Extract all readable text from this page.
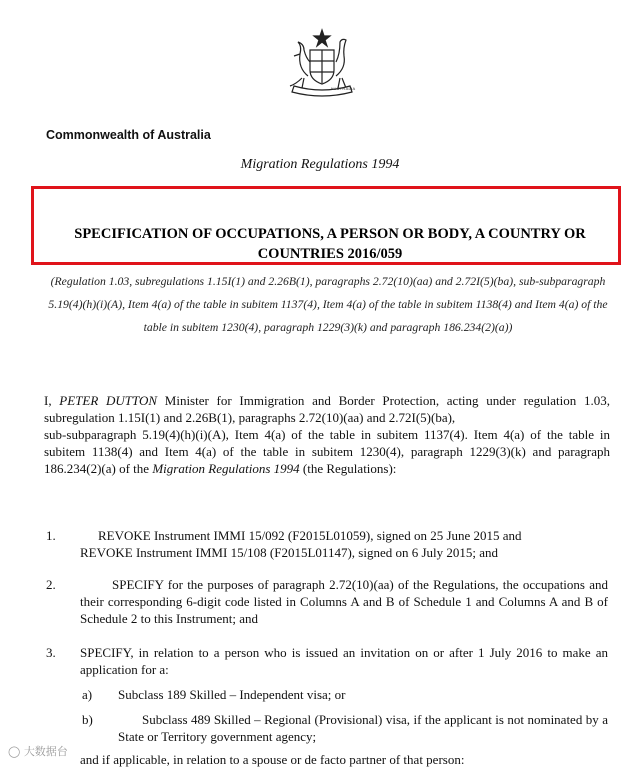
AUSTRALIA
Commonwealth of Australia
Migration Regulations 1994
SPECIFICATION OF OCCUPATIONS, A PERSON OR BODY, A COUNTRY OR COUNTRIES 2016/059
(Regulation 1.03, subregulations 1.15I(1) and 2.26B(1), paragraphs 2.72(10)(aa) and 2.72I(5)(ba), sub-subparagraph 5.19(4)(h)(i)(A), Item 4(a) of the table in subitem 1137(4), Item 4(a) of the table in subitem 1138(4) and Item 4(a) of the table in subitem 1230(4), paragraph 1229(3)(k) and paragraph 186.234(2)(a))
I, PETER DUTTON Minister for Immigration and Border Protection, acting under regulation 1.03, subregulation 1.15I(1) and 2.26B(1), paragraphs 2.72(10)(aa) and 2.72I(5)(ba),
sub-subparagraph 5.19(4)(h)(i)(A), Item 4(a) of the table in subitem 1137(4). Item 4(a) of the table in subitem 1138(4) and Item 4(a) of the table in subitem 1230(4), paragraph 1229(3)(k) and paragraph 186.234(2)(a) of the Migration Regulations 1994 (the Regulations):
1.	REVOKE Instrument IMMI 15/092 (F2015L01059), signed on 25 June 2015 and
REVOKE Instrument IMMI 15/108 (F2015L01147), signed on 6 July 2015; and
2.	SPECIFY for the purposes of paragraph 2.72(10)(aa) of the Regulations, the occupations and their corresponding 6-digit code listed in Columns A and B of Schedule 1 and Columns A and B of Schedule 2 to this Instrument; and
3. SPECIFY, in relation to a person who is issued an invitation on or after 1 July 2016 to make an application for a:
a) Subclass 189 Skilled – Independent visa; or
b)	Subclass 489 Skilled – Regional (Provisional) visa, if the applicant is not nominated by a State or Territory government agency;
and if applicable, in relation to a spouse or de facto partner of that person:
◯ 大数据台
